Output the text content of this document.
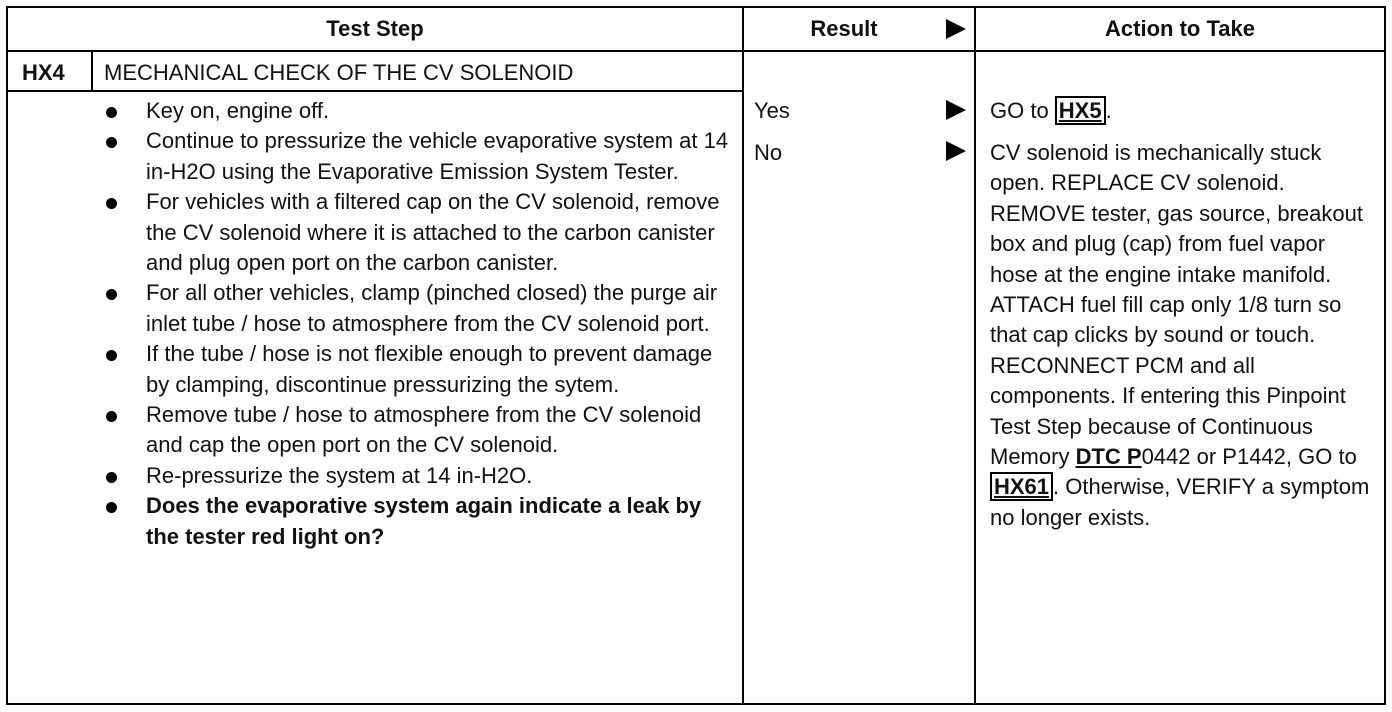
Test Step	Result	Action to Take
HX4 MECHANICAL CHECK OF THE CV SOLENOID
Key on, engine off.
Continue to pressurize the vehicle evaporative system at 14 in-H2O using the Evaporative Emission System Tester.
For vehicles with a filtered cap on the CV solenoid, remove the CV solenoid where it is attached to the carbon canister and plug open port on the carbon canister.
For all other vehicles, clamp (pinched closed) the purge air inlet tube / hose to atmosphere from the CV solenoid port.
If the tube / hose is not flexible enough to prevent damage by clamping, discontinue pressurizing the sytem.
Remove tube / hose to atmosphere from the CV solenoid and cap the open port on the CV solenoid.
Re-pressurize the system at 14 in-H2O.
Does the evaporative system again indicate a leak by the tester red light on?
Yes
No
GO to HX5 .
CV solenoid is mechanically stuck open. REPLACE CV solenoid. REMOVE tester, gas source, breakout box and plug (cap) from fuel vapor hose at the engine intake manifold. ATTACH fuel fill cap only 1/8 turn so that cap clicks by sound or touch. RECONNECT PCM and all components. If entering this Pinpoint Test Step because of Continuous Memory DTC P0442 or P1442, GO to HX61 . Otherwise, VERIFY a symptom no longer exists.
